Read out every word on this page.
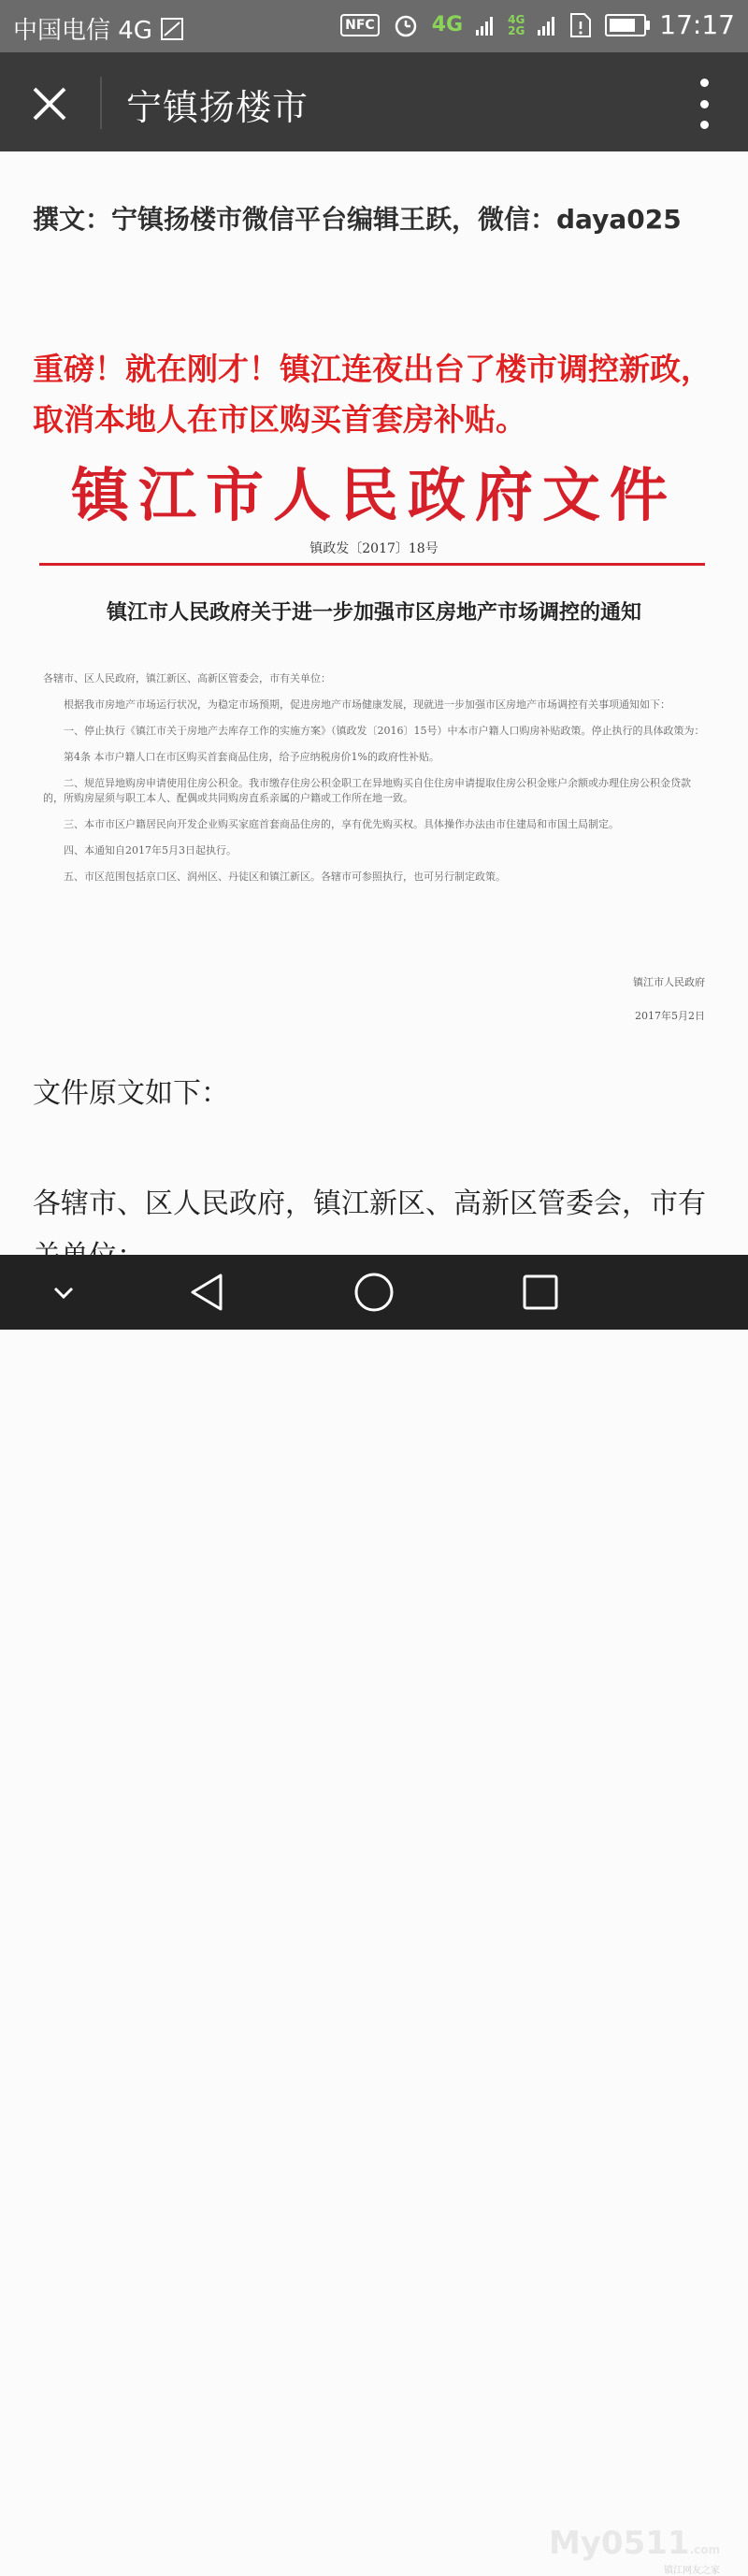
中国电信 4G	NFC	4G	4G
2G	17:17
宁镇扬楼市
撰文：宁镇扬楼市微信平台编辑王跃，微信：daya025
重磅！就在刚才！镇江连夜出台了楼市调控新政，取消本地人在市区购买首套房补贴。
镇江市人民政府文件
镇政发〔2017〕18号
镇江市人民政府关于进一步加强市区房地产市场调控的通知

各辖市、区人民政府，镇江新区、高新区管委会，市有关单位：

根据我市房地产市场运行状况，为稳定市场预期，促进房地产市场健康发展，现就进一步加强市区房地产市场调控有关事项通知如下：

一、停止执行《镇江市关于房地产去库存工作的实施方案》（镇政发〔2016〕15号）中本市户籍人口购房补贴政策。停止执行的具体政策为：

第4条 本市户籍人口在市区购买首套商品住房，给予应纳税房价1%的政府性补贴。

二、规范异地购房申请使用住房公积金。我市缴存住房公积金职工在异地购买自住住房申请提取住房公积金账户余额或办理住房公积金贷款的，所购房屋须与职工本人、配偶或共同购房直系亲属的户籍或工作所在地一致。

三、本市市区户籍居民向开发企业购买家庭首套商品住房的，享有优先购买权。具体操作办法由市住建局和市国土局制定。

四、本通知自2017年5月3日起执行。

五、市区范围包括京口区、润州区、丹徒区和镇江新区。各辖市可参照执行，也可另行制定政策。

镇江市人民政府
2017年5月2日
文件原文如下：
各辖市、区人民政府，镇江新区、高新区管委会，市有
My0511.com
镇江网友之家
